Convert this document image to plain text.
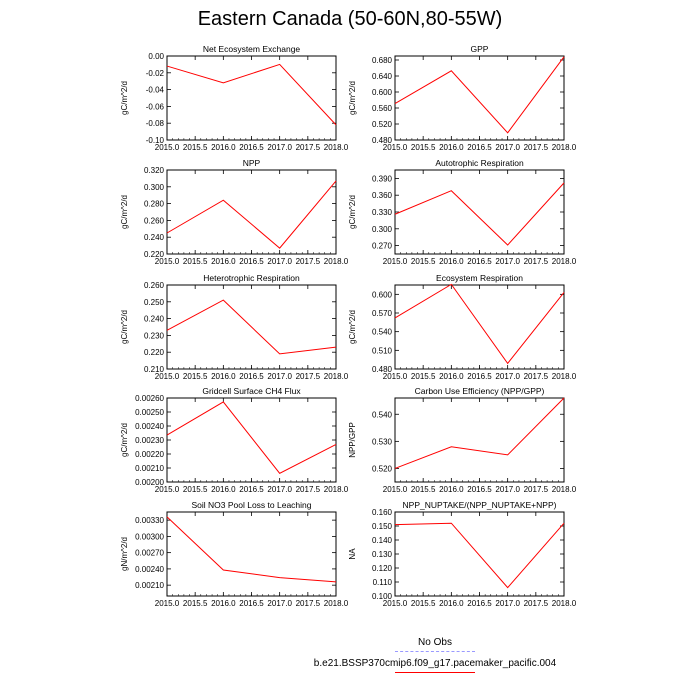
Eastern Canada (50-60N,80-55W)
Net Ecosystem Exchange
2015.0 2015.5 2016.0 2016.5 2017.0 2017.5 2018.0
-0.10
-0.08
-0.06
-0.04
-0.02
0.00
gC/m^2/d
GPP
2015.0 2015.5 2016.0 2016.5 2017.0 2017.5 2018.0
0.480
0.520
0.560
0.600
0.640
0.680
gC/m^2/d
NPP
2015.0 2015.5 2016.0 2016.5 2017.0 2017.5 2018.0
0.220
0.240
0.260
0.280
0.300
0.320
gC/m^2/d
Autotrophic Respiration
2015.0 2015.5 2016.0 2016.5 2017.0 2017.5 2018.0
0.270
0.300
0.330
0.360
0.390
gC/m^2/d
Heterotrophic Respiration
2015.0 2015.5 2016.0 2016.5 2017.0 2017.5 2018.0
0.210
0.220
0.230
0.240
0.250
0.260
gC/m^2/d
Ecosystem Respiration
2015.0 2015.5 2016.0 2016.5 2017.0 2017.5 2018.0
0.480
0.510
0.540
0.570
0.600
gC/m^2/d
Gridcell Surface CH4 Flux
2015.0 2015.5 2016.0 2016.5 2017.0 2017.5 2018.0
0.00200
0.00210
0.00220
0.00230
0.00240
0.00250
0.00260
gC/m^2/d
Carbon Use Efficiency (NPP/GPP)
2015.0 2015.5 2016.0 2016.5 2017.0 2017.5 2018.0
0.520
0.530
0.540
NPP/GPP
Soil NO3 Pool Loss to Leaching
2015.0 2015.5 2016.0 2016.5 2017.0 2017.5 2018.0
0.00210
0.00240
0.00270
0.00300
0.00330
gN/m^2/d
NPP_NUPTAKE/(NPP_NUPTAKE+NPP)
2015.0 2015.5 2016.0 2016.5 2017.0 2017.5 2018.0
0.100
0.110
0.120
0.130
0.140
0.150
0.160
NA
No Obs
b.e21.BSSP370cmip6.f09_g17.pacemaker_pacific.004
